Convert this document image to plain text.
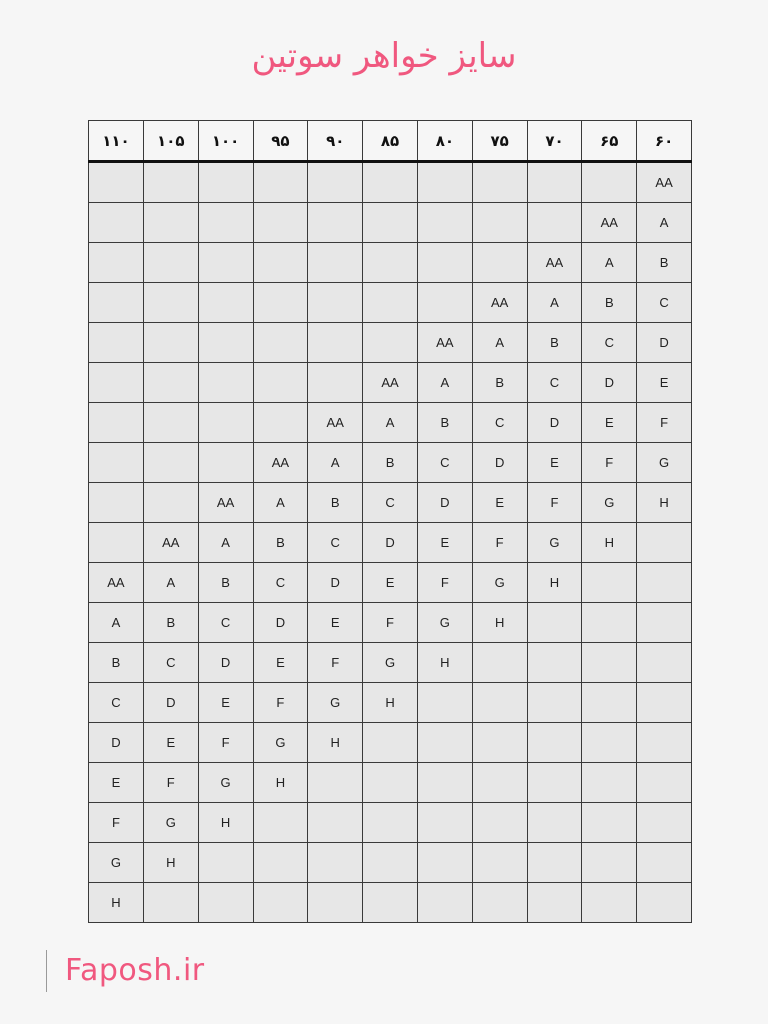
سایز خواهر سوتین
۶۰	۶۵	۷۰	۷۵	۸۰	۸۵	۹۰	۹۵	۱۰۰	۱۰۵	۱۱۰
AA										
A	AA									
B	A	AA								
C	B	A	AA							
D	C	B	A	AA						
E	D	C	B	A	AA					
F	E	D	C	B	A	AA				
G	F	E	D	C	B	A	AA			
H	G	F	E	D	C	B	A	AA		
	H	G	F	E	D	C	B	A	AA	
		H	G	F	E	D	C	B	A	AA
			H	G	F	E	D	C	B	A
				H	G	F	E	D	C	B
					H	G	F	E	D	C
						H	G	F	E	D
							H	G	F	E
								H	G	F
									H	G
										H
Faposh.ir
